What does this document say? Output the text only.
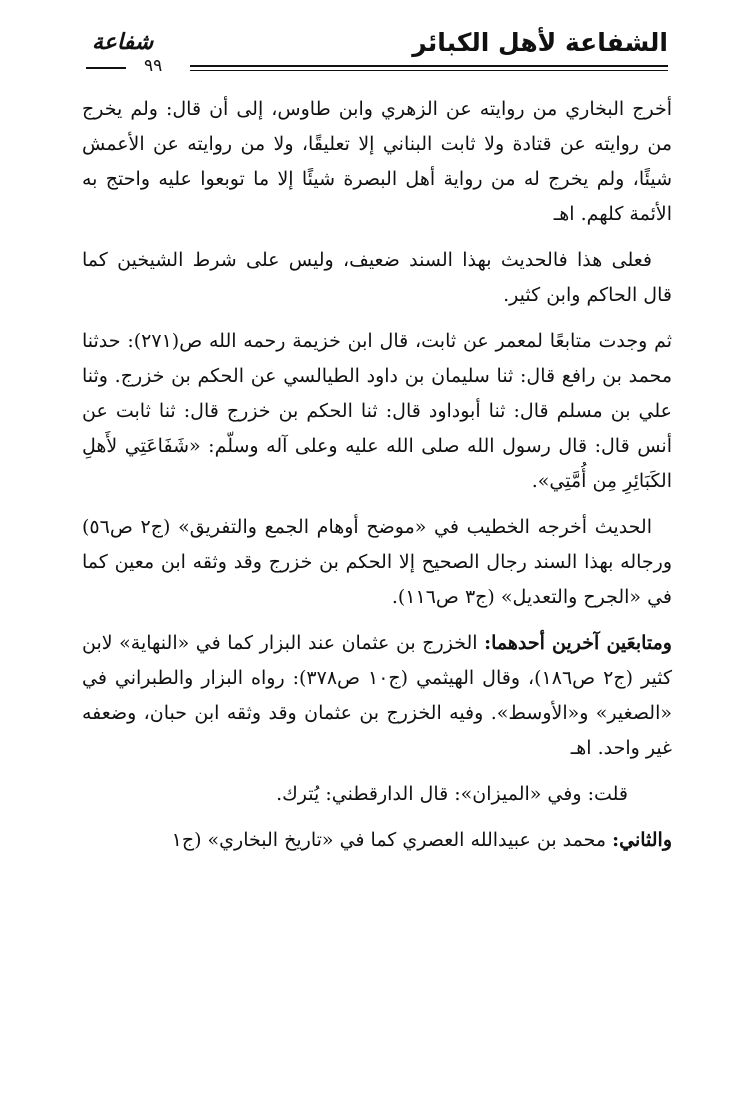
الشفاعة لأهل الكبائر
شفاعة
٩٩

أخرج البخاري من روايته عن الزهري وابن طاوس، إلى أن قال: ولم يخرج من روايته عن قتادة ولا ثابت البناني إلا تعليقًا، ولا من روايته عن الأعمش شيئًا، ولم يخرج له من رواية أهل البصرة شيئًا إلا ما توبعوا عليه واحتج به الأئمة كلهم. اهـ

فعلى هذا فالحديث بهذا السند ضعيف، وليس على شرط الشيخين كما قال الحاكم وابن كثير.

ثم وجدت متابعًا لمعمر عن ثابت، قال ابن خزيمة رحمه الله ص(٢٧١): حدثنا محمد بن رافع قال: ثنا سليمان بن داود الطيالسي عن الحكم بن خزرج. وثنا علي بن مسلم قال: ثنا أبوداود قال: ثنا الحكم بن خزرج قال: ثنا ثابت عن أنس قال: قال رسول الله صلى الله عليه وعلى آله وسلّم: «شَفَاعَتِي لأَهلِ الكَبَائِرِ مِن أُمَّتِي».

الحديث أخرجه الخطيب في «موضح أوهام الجمع والتفريق» (ج٢ ص٥٦) ورجاله بهذا السند رجال الصحيح إلا الحكم بن خزرج وقد وثقه ابن معين كما في «الجرح والتعديل» (ج٣ ص١١٦).

ومتابعَين آخرين أحدهما: الخزرج بن عثمان عند البزار كما في «النهاية» لابن كثير (ج٢ ص١٨٦)، وقال الهيثمي (ج١٠ ص٣٧٨): رواه البزار والطبراني في «الصغير» و«الأوسط». وفيه الخزرج بن عثمان وقد وثقه ابن حبان، وضعفه غير واحد. اهـ

قلت: وفي «الميزان»: قال الدارقطني: يُترك.

والثاني: محمد بن عبيدالله العصري كما في «تاريخ البخاري» (ج١
